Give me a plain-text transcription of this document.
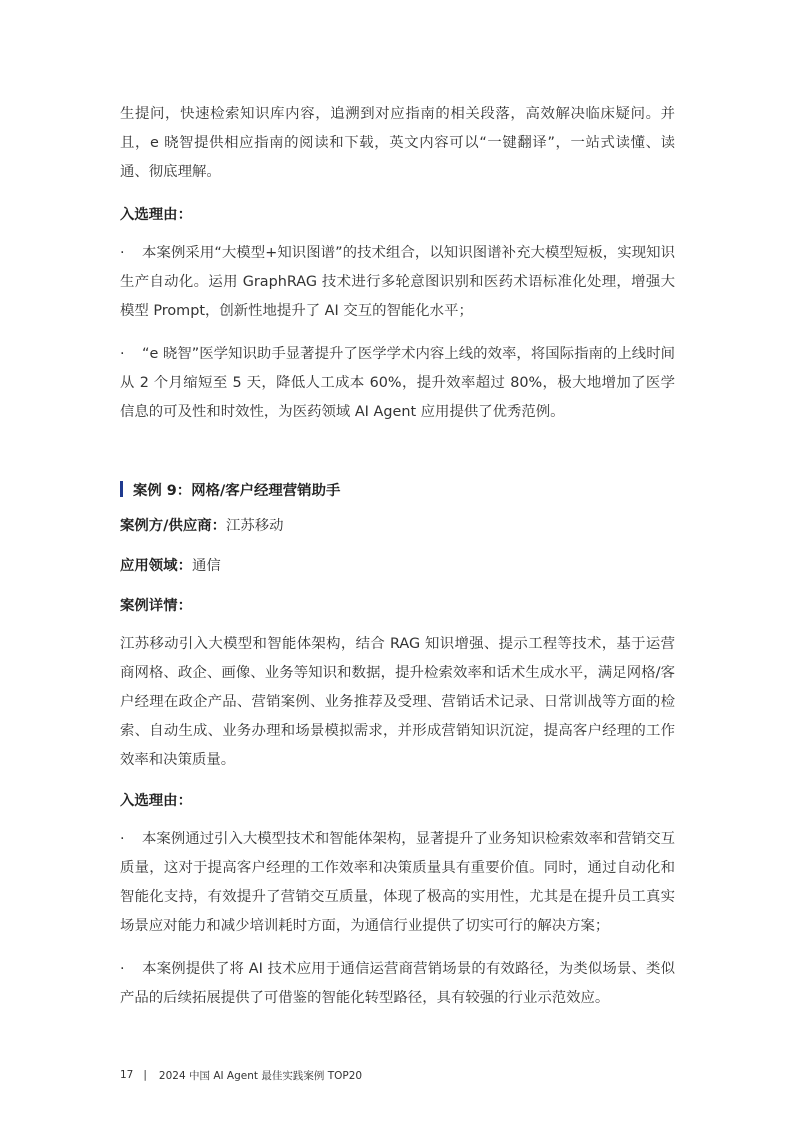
生提问，快速检索知识库内容，追溯到对应指南的相关段落，高效解决临床疑问。并且，e 晓智提供相应指南的阅读和下载，英文内容可以“一键翻译”，一站式读懂、读通、彻底理解。

入选理由：

· 本案例采用“大模型+知识图谱”的技术组合，以知识图谱补充大模型短板，实现知识生产自动化。运用 GraphRAG 技术进行多轮意图识别和医药术语标准化处理，增强大模型 Prompt，创新性地提升了 AI 交互的智能化水平；

· “e 晓智”医学知识助手显著提升了医学学术内容上线的效率，将国际指南的上线时间从 2 个月缩短至 5 天，降低人工成本 60%，提升效率超过 80%，极大地增加了医学信息的可及性和时效性，为医药领域 AI Agent 应用提供了优秀范例。

案例 9：网格/客户经理营销助手

案例方/供应商：江苏移动

应用领域：通信

案例详情：

江苏移动引入大模型和智能体架构，结合 RAG 知识增强、提示工程等技术，基于运营商网格、政企、画像、业务等知识和数据，提升检索效率和话术生成水平，满足网格/客户经理在政企产品、营销案例、业务推荐及受理、营销话术记录、日常训战等方面的检索、自动生成、业务办理和场景模拟需求，并形成营销知识沉淀，提高客户经理的工作效率和决策质量。

入选理由：

· 本案例通过引入大模型技术和智能体架构，显著提升了业务知识检索效率和营销交互质量，这对于提高客户经理的工作效率和决策质量具有重要价值。同时，通过自动化和智能化支持，有效提升了营销交互质量，体现了极高的实用性，尤其是在提升员工真实场景应对能力和减少培训耗时方面，为通信行业提供了切实可行的解决方案；

· 本案例提供了将 AI 技术应用于通信运营商营销场景的有效路径，为类似场景、类似产品的后续拓展提供了可借鉴的智能化转型路径，具有较强的行业示范效应。

17 | 2024 中国 AI Agent 最佳实践案例 TOP20
